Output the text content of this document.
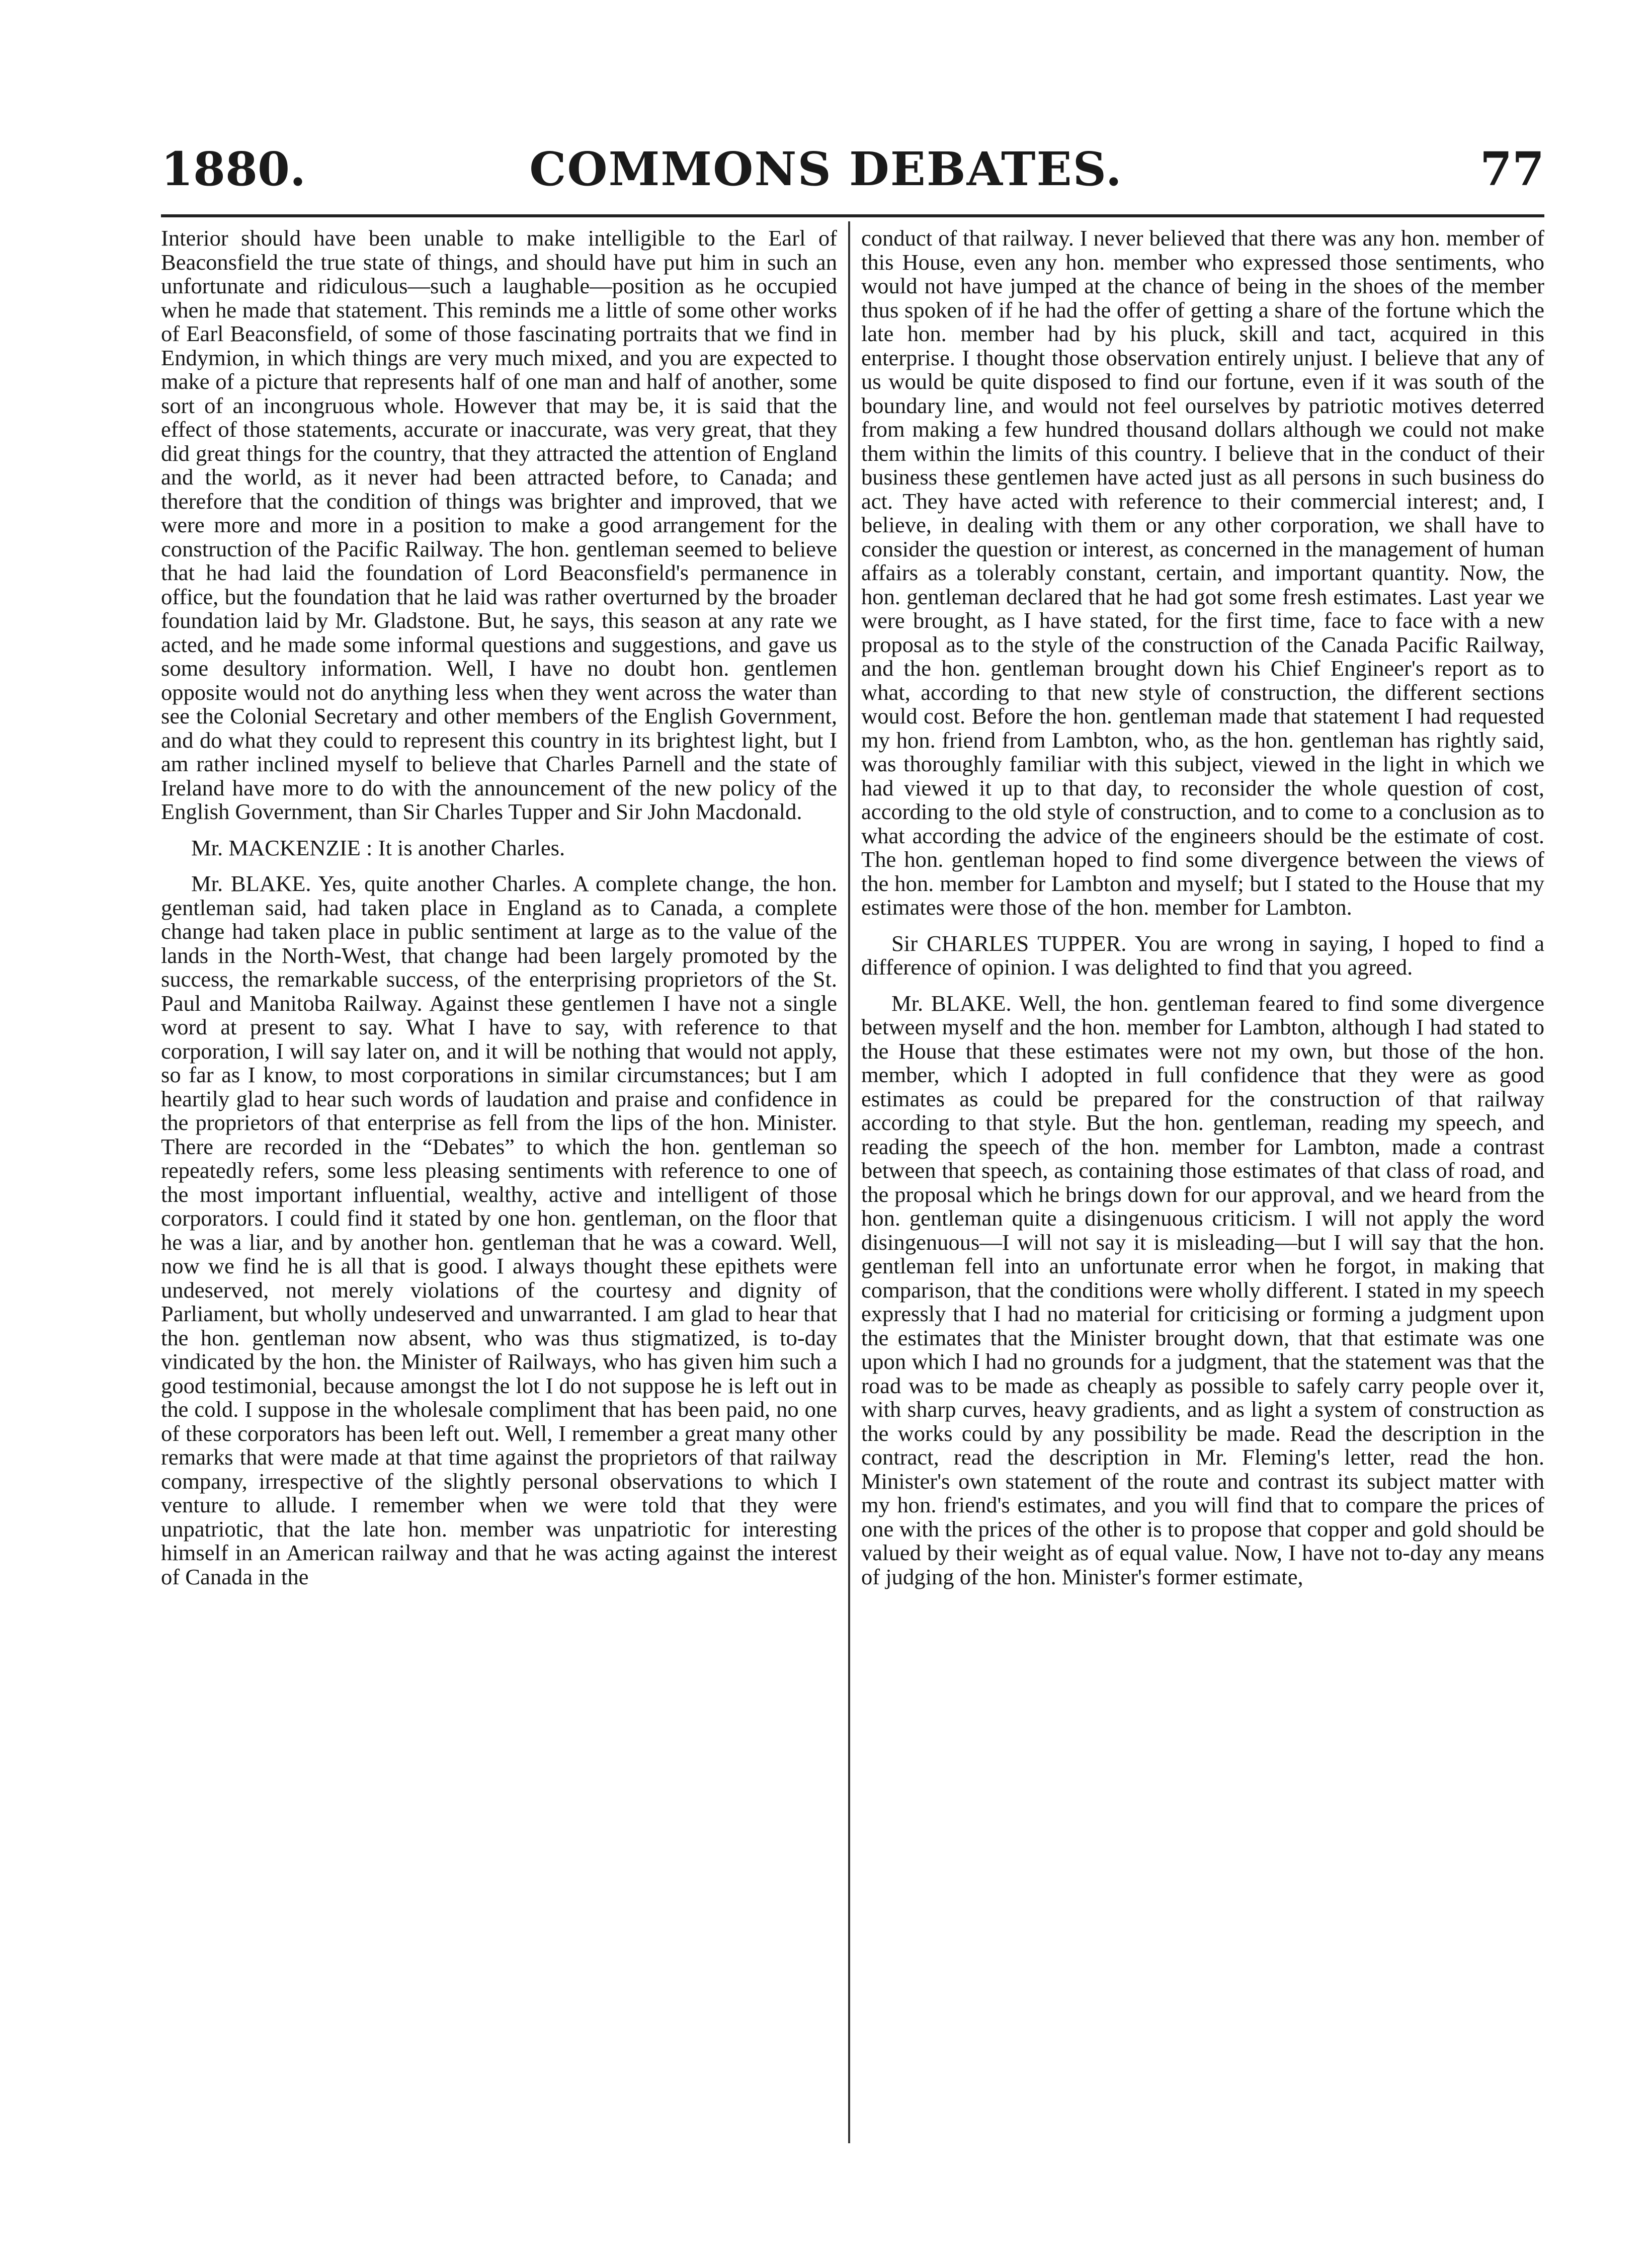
1880.	COMMONS DEBATES.	77

Interior should have been unable to make intelligible to the Earl of Beaconsfield the true state of things, and should have put him in such an unfortunate and ridiculous—such a laughable—position as he occupied when he made that statement. This reminds me a little of some other works of Earl Beaconsfield, of some of those fascinating portraits that we find in Endymion, in which things are very much mixed, and you are expected to make of a picture that represents half of one man and half of another, some sort of an incongruous whole. However that may be, it is said that the effect of those statements, accurate or inaccurate, was very great, that they did great things for the country, that they attracted the attention of England and the world, as it never had been attracted before, to Canada; and therefore that the condition of things was brighter and improved, that we were more and more in a position to make a good arrangement for the construction of the Pacific Railway. The hon. gentleman seemed to believe that he had laid the foundation of Lord Beaconsfield's permanence in office, but the foundation that he laid was rather overturned by the broader foundation laid by Mr. Gladstone. But, he says, this season at any rate we acted, and he made some informal questions and suggestions, and gave us some desultory information. Well, I have no doubt hon. gentlemen opposite would not do anything less when they went across the water than see the Colonial Secretary and other members of the English Government, and do what they could to represent this country in its brightest light, but I am rather inclined myself to believe that Charles Parnell and the state of Ireland have more to do with the announcement of the new policy of the English Government, than Sir Charles Tupper and Sir John Macdonald.

Mr. MACKENZIE : It is another Charles.

Mr. BLAKE. Yes, quite another Charles. A complete change, the hon. gentleman said, had taken place in England as to Canada, a complete change had taken place in public sentiment at large as to the value of the lands in the North-West, that change had been largely promoted by the success, the remarkable success, of the enterprising proprietors of the St. Paul and Manitoba Railway. Against these gentlemen I have not a single word at present to say. What I have to say, with reference to that corporation, I will say later on, and it will be nothing that would not apply, so far as I know, to most corporations in similar circumstances; but I am heartily glad to hear such words of laudation and praise and confidence in the proprietors of that enterprise as fell from the lips of the hon. Minister. There are recorded in the “Debates” to which the hon. gentleman so repeatedly refers, some less pleasing sentiments with reference to one of the most important influential, wealthy, active and intelligent of those corporators. I could find it stated by one hon. gentleman, on the floor that he was a liar, and by another hon. gentleman that he was a coward. Well, now we find he is all that is good. I always thought these epithets were undeserved, not merely violations of the courtesy and dignity of Parliament, but wholly undeserved and unwarranted. I am glad to hear that the hon. gentleman now absent, who was thus stigmatized, is to-day vindicated by the hon. the Minister of Railways, who has given him such a good testimonial, because amongst the lot I do not suppose he is left out in the cold. I suppose in the wholesale compliment that has been paid, no one of these corporators has been left out. Well, I remember a great many other remarks that were made at that time against the proprietors of that railway company, irrespective of the slightly personal observations to which I venture to allude. I remember when we were told that they were unpatriotic, that the late hon. member was unpatriotic for interesting himself in an American railway and that he was acting against the interest of Canada in the

conduct of that railway. I never believed that there was any hon. member of this House, even any hon. member who expressed those sentiments, who would not have jumped at the chance of being in the shoes of the member thus spoken of if he had the offer of getting a share of the fortune which the late hon. member had by his pluck, skill and tact, acquired in this enterprise. I thought those observation entirely unjust. I believe that any of us would be quite disposed to find our fortune, even if it was south of the boundary line, and would not feel ourselves by patriotic motives deterred from making a few hundred thousand dollars although we could not make them within the limits of this country. I believe that in the conduct of their business these gentlemen have acted just as all persons in such business do act. They have acted with reference to their commercial interest; and, I believe, in dealing with them or any other corporation, we shall have to consider the question or interest, as concerned in the management of human affairs as a tolerably constant, certain, and important quantity. Now, the hon. gentleman declared that he had got some fresh estimates. Last year we were brought, as I have stated, for the first time, face to face with a new proposal as to the style of the construction of the Canada Pacific Railway, and the hon. gentleman brought down his Chief Engineer's report as to what, according to that new style of construction, the different sections would cost. Before the hon. gentleman made that statement I had requested my hon. friend from Lambton, who, as the hon. gentleman has rightly said, was thoroughly familiar with this subject, viewed in the light in which we had viewed it up to that day, to reconsider the whole question of cost, according to the old style of construction, and to come to a conclusion as to what according the advice of the engineers should be the estimate of cost. The hon. gentleman hoped to find some divergence between the views of the hon. member for Lambton and myself; but I stated to the House that my estimates were those of the hon. member for Lambton.

Sir CHARLES TUPPER. You are wrong in saying, I hoped to find a difference of opinion. I was delighted to find that you agreed.

Mr. BLAKE. Well, the hon. gentleman feared to find some divergence between myself and the hon. member for Lambton, although I had stated to the House that these estimates were not my own, but those of the hon. member, which I adopted in full confidence that they were as good estimates as could be prepared for the construction of that railway according to that style. But the hon. gentleman, reading my speech, and reading the speech of the hon. member for Lambton, made a contrast between that speech, as containing those estimates of that class of road, and the proposal which he brings down for our approval, and we heard from the hon. gentleman quite a disingenuous criticism. I will not apply the word disingenuous—I will not say it is misleading—but I will say that the hon. gentleman fell into an unfortunate error when he forgot, in making that comparison, that the conditions were wholly different. I stated in my speech expressly that I had no material for criticising or forming a judgment upon the estimates that the Minister brought down, that that estimate was one upon which I had no grounds for a judgment, that the statement was that the road was to be made as cheaply as possible to safely carry people over it, with sharp curves, heavy gradients, and as light a system of construction as the works could by any possibility be made. Read the description in the contract, read the description in Mr. Fleming's letter, read the hon. Minister's own statement of the route and contrast its subject matter with my hon. friend's estimates, and you will find that to compare the prices of one with the prices of the other is to propose that copper and gold should be valued by their weight as of equal value. Now, I have not to-day any means of judging of the hon. Minister's former estimate,
